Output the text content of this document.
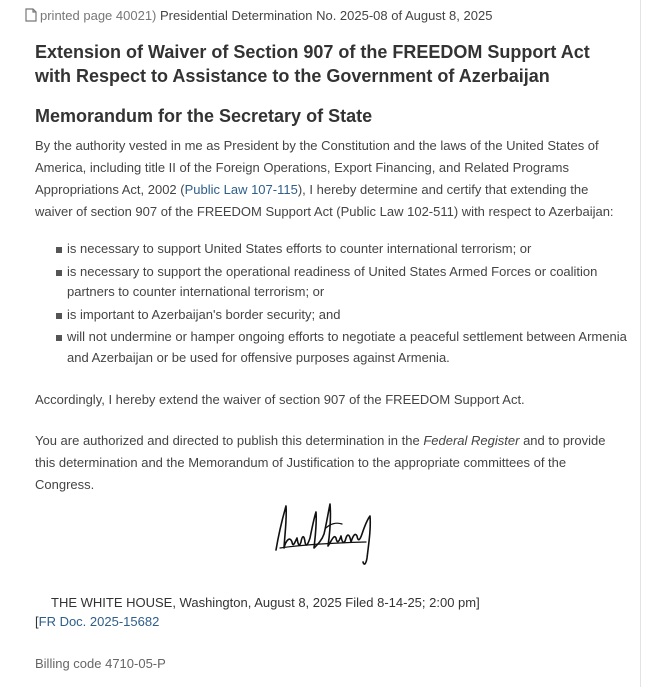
printed page 40021) Presidential Determination No. 2025-08 of August 8, 2025
Extension of Waiver of Section 907 of the FREEDOM Support Act with Respect to Assistance to the Government of Azerbaijan
Memorandum for the Secretary of State

By the authority vested in me as President by the Constitution and the laws of the United States of America, including title II of the Foreign Operations, Export Financing, and Related Programs Appropriations Act, 2002 (Public Law 107-115), I hereby determine and certify that extending the waiver of section 907 of the FREEDOM Support Act (Public Law 102-511) with respect to Azerbaijan:

is necessary to support United States efforts to counter international terrorism; or
is necessary to support the operational readiness of United States Armed Forces or coalition partners to counter international terrorism; or
is important to Azerbaijan's border security; and
will not undermine or hamper ongoing efforts to negotiate a peaceful settlement between Armenia and Azerbaijan or be used for offensive purposes against Armenia.

Accordingly, I hereby extend the waiver of section 907 of the FREEDOM Support Act.

You are authorized and directed to publish this determination in the Federal Register and to provide this determination and the Memorandum of Justification to the appropriate committees of the Congress.

THE WHITE HOUSE, Washington, August 8, 2025 Filed 8-14-25; 2:00 pm]
[FR Doc. 2025-15682
Billing code 4710-05-P
